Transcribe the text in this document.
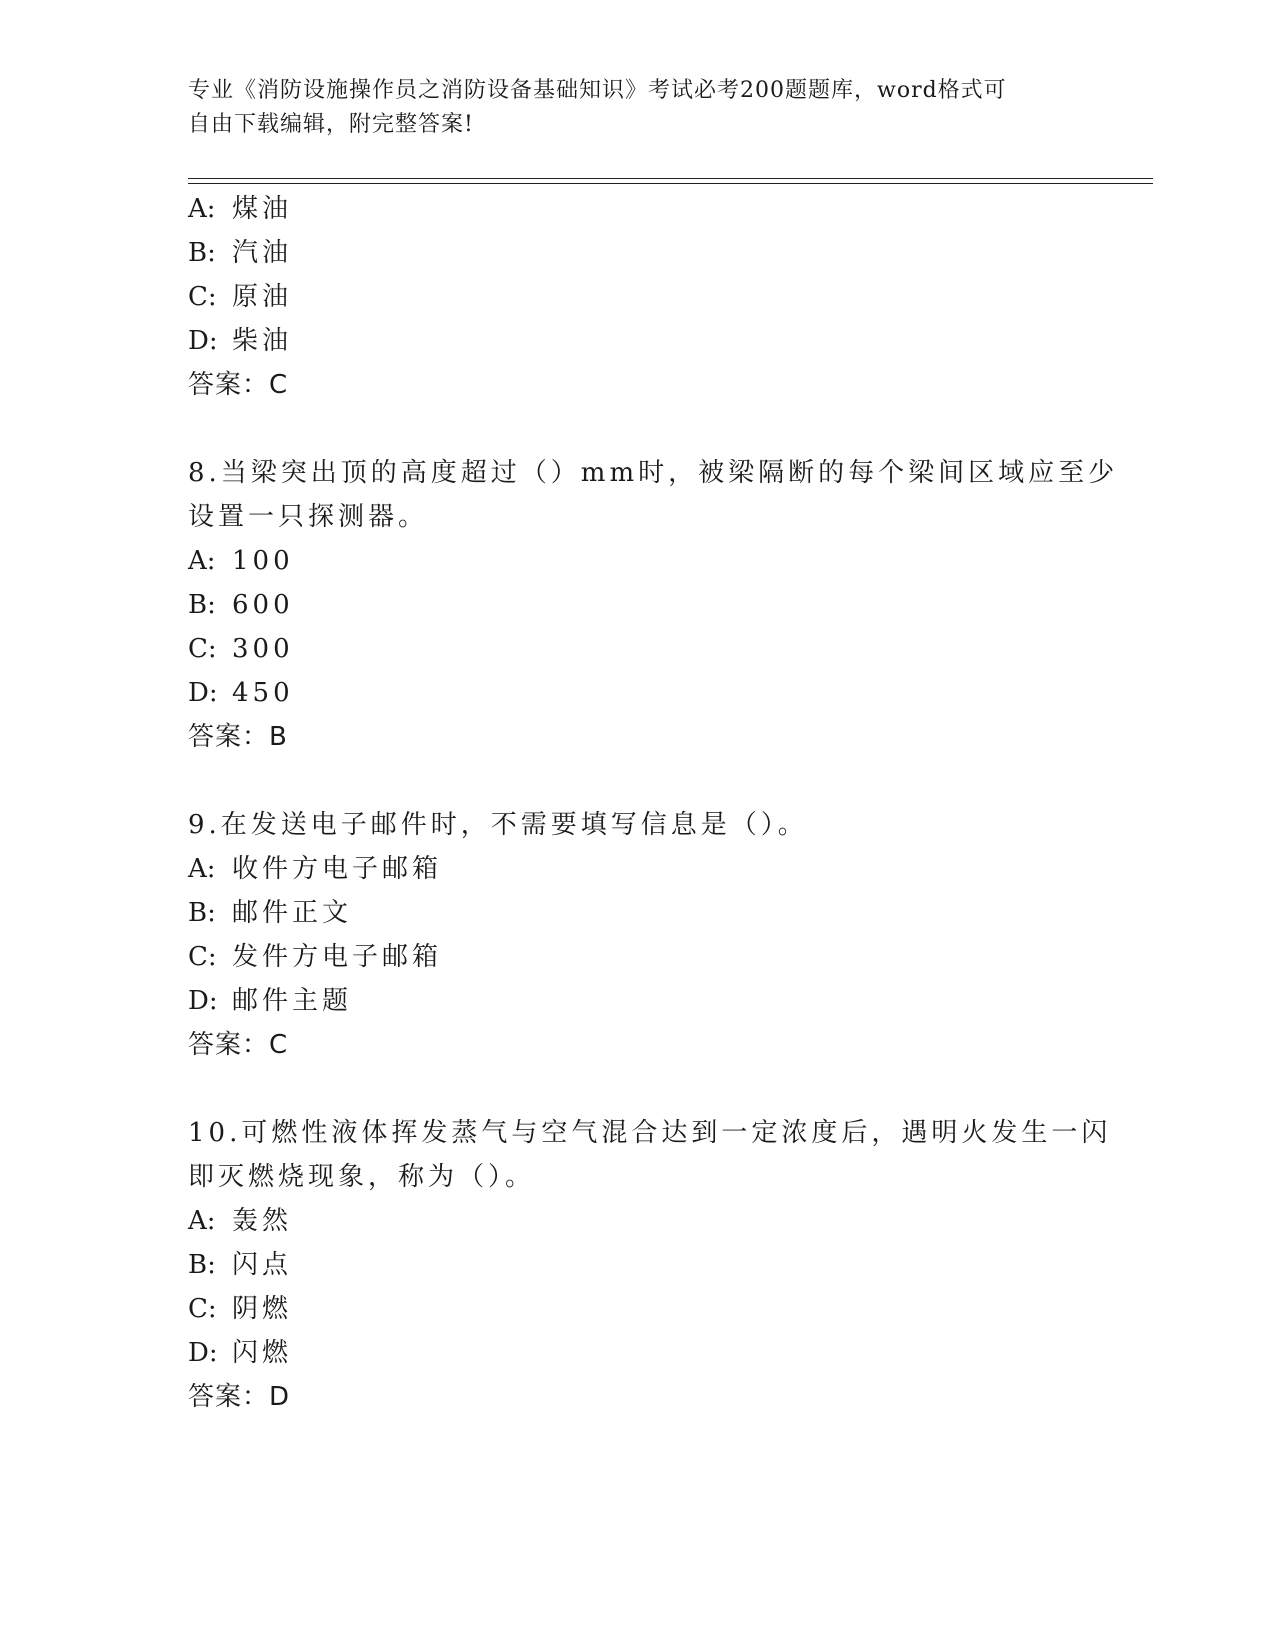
专业《消防设施操作员之消防设备基础知识》考试必考200题题库，word格式可
自由下载编辑，附完整答案!
A: 煤油
B: 汽油
C: 原油
D: 柴油
答案：C
8.当梁突出顶的高度超过（）mm时，被梁隔断的每个梁间区域应至少
设置一只探测器。
A: 100
B: 600
C: 300
D: 450
答案：B
9.在发送电子邮件时，不需要填写信息是（）。
A: 收件方电子邮箱
B: 邮件正文
C: 发件方电子邮箱
D: 邮件主题
答案：C
10.可燃性液体挥发蒸气与空气混合达到一定浓度后，遇明火发生一闪
即灭燃烧现象，称为（）。
A: 轰然
B: 闪点
C: 阴燃
D: 闪燃
答案：D
